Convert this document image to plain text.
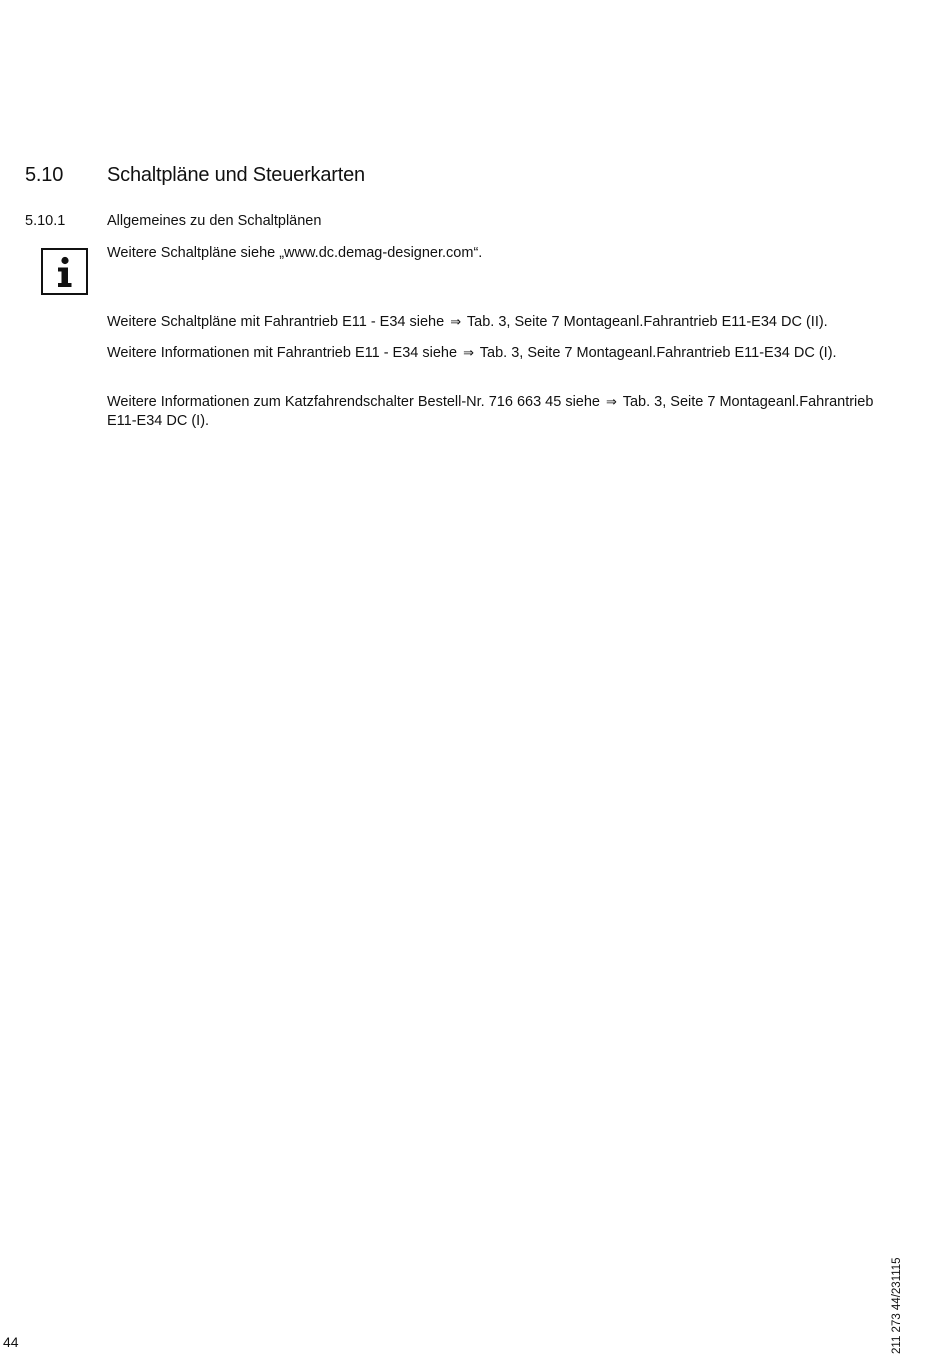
5.10 Schaltpläne und Steuerkarten
5.10.1	Allgemeines zu den Schaltplänen

Weitere Schaltpläne siehe „www.dc.demag-designer.com“.

Weitere Schaltpläne mit Fahrantrieb E11 - E34 siehe ⇒ Tab. 3, Seite 7 Montageanl.Fahrantrieb E11-E34 DC (II).

Weitere Informationen mit Fahrantrieb E11 - E34 siehe ⇒ Tab. 3, Seite 7 Montageanl.Fahrantrieb E11-E34 DC (I).

Weitere Informationen zum Katzfahrendschalter Bestell-Nr. 716 663 45 siehe ⇒ Tab. 3, Seite 7 Montageanl.Fahrantrieb E11-E34 DC (I).

44	211 273 44/231115
